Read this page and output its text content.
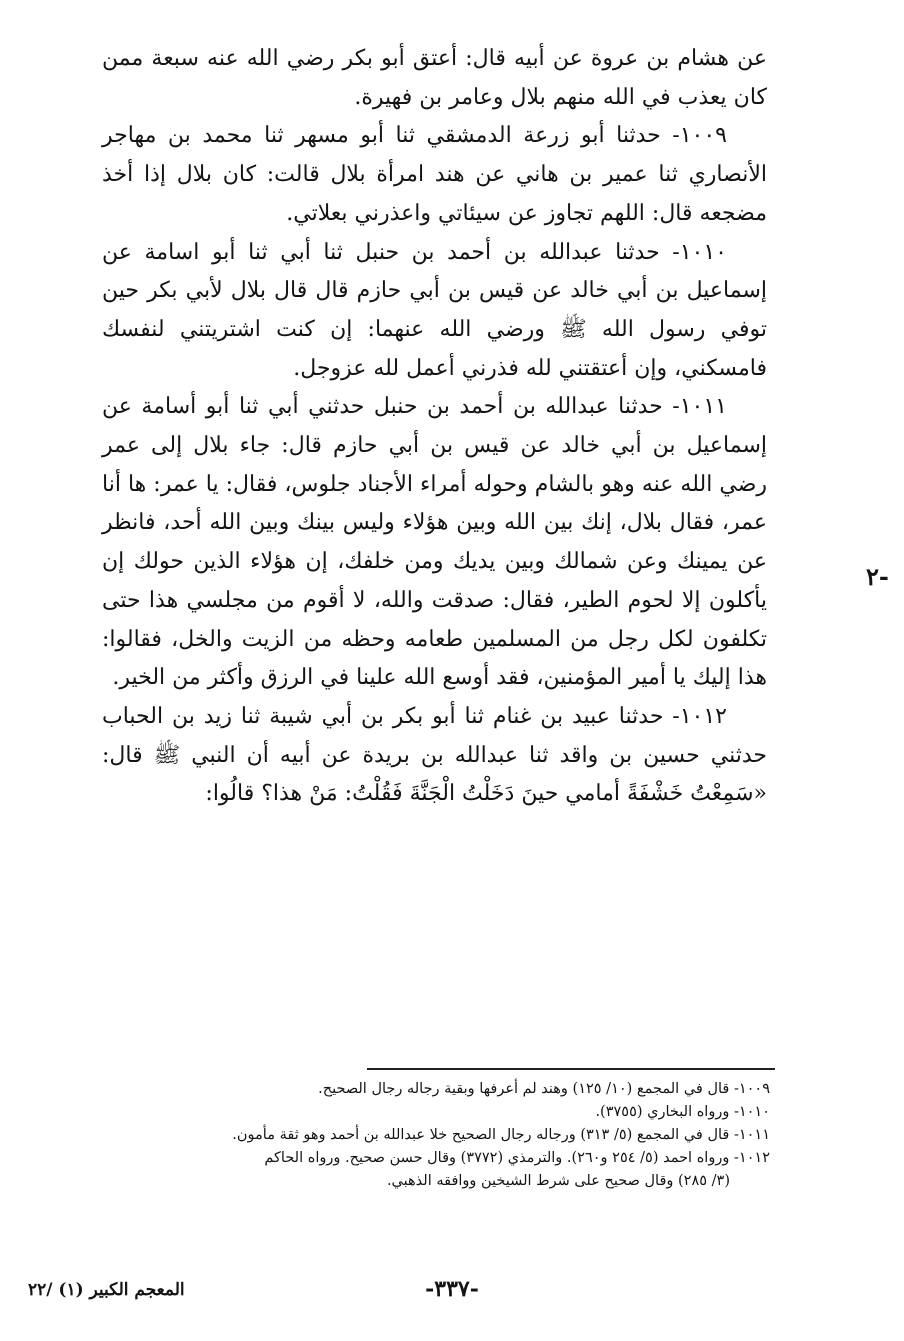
عن هشام بن عروة عن أبيه قال: أعتق أبو بكر رضي الله عنه سبعة ممن كان يعذب في الله منهم بلال وعامر بن فهيرة.

١٠٠٩- حدثنا أبو زرعة الدمشقي ثنا أبو مسهر ثنا محمد بن مهاجر الأنصاري ثنا عمير بن هاني عن هند امرأة بلال قالت: كان بلال إذا أخذ مضجعه قال: اللهم تجاوز عن سيئاتي واعذرني بعلاتي.

١٠١٠- حدثنا عبدالله بن أحمد بن حنبل ثنا أبي ثنا أبو اسامة عن إسماعيل بن أبي خالد عن قيس بن أبي حازم قال قال بلال لأبي بكر حين توفي رسول الله ﷺ ورضي الله عنهما: إن كنت اشتريتني لنفسك فامسكني، وإن أعتقتني لله فذرني أعمل لله عزوجل.

١٠١١- حدثنا عبدالله بن أحمد بن حنبل حدثني أبي ثنا أبو أسامة عن إسماعيل بن أبي خالد عن قيس بن أبي حازم قال: جاء بلال إلى عمر رضي الله عنه وهو بالشام وحوله أمراء الأجناد جلوس، فقال: يا عمر: ها أنا عمر، فقال بلال، إنك بين الله وبين هؤلاء وليس بينك وبين الله أحد، فانظر عن يمينك وعن شمالك وبين يديك ومن خلفك، إن هؤلاء الذين حولك إن يأكلون إلا لحوم الطير، فقال: صدقت والله، لا أقوم من مجلسي هذا حتى تكلفون لكل رجل من المسلمين طعامه وحظه من الزيت والخل، فقالوا: هذا إليك يا أمير المؤمنين، فقد أوسع الله علينا في الرزق وأكثر من الخير.

١٠١٢- حدثنا عبيد بن غنام ثنا أبو بكر بن أبي شيبة ثنا زيد بن الحباب حدثني حسين بن واقد ثنا عبدالله بن بريدة عن أبيه أن النبي ﷺ قال: «سَمِعْتُ خَشْفَةً أمامي حينَ دَخَلْتُ الْجَنَّةَ فَقُلْتُ: مَنْ هذا؟ قالُوا:

-٢

١٠٠٩- قال في المجمع (١٠/ ١٢٥) وهند لم أعرفها وبقية رجاله رجال الصحيح.

١٠١٠- ورواه البخاري (٣٧٥٥).

١٠١١- قال في المجمع (٥/ ٣١٣) ورجاله رجال الصحيح خلا عبدالله بن أحمد وهو ثقة مأمون.

١٠١٢- ورواه احمد (٥/ ٢٥٤ و٢٦٠). والترمذي (٣٧٧٢) وقال حسن صحيح. ورواه الحاكم

(٣/ ٢٨٥) وقال صحيح على شرط الشيخين ووافقه الذهبي.

-٣٣٧-
المعجم الكبير (١) /٢٢
